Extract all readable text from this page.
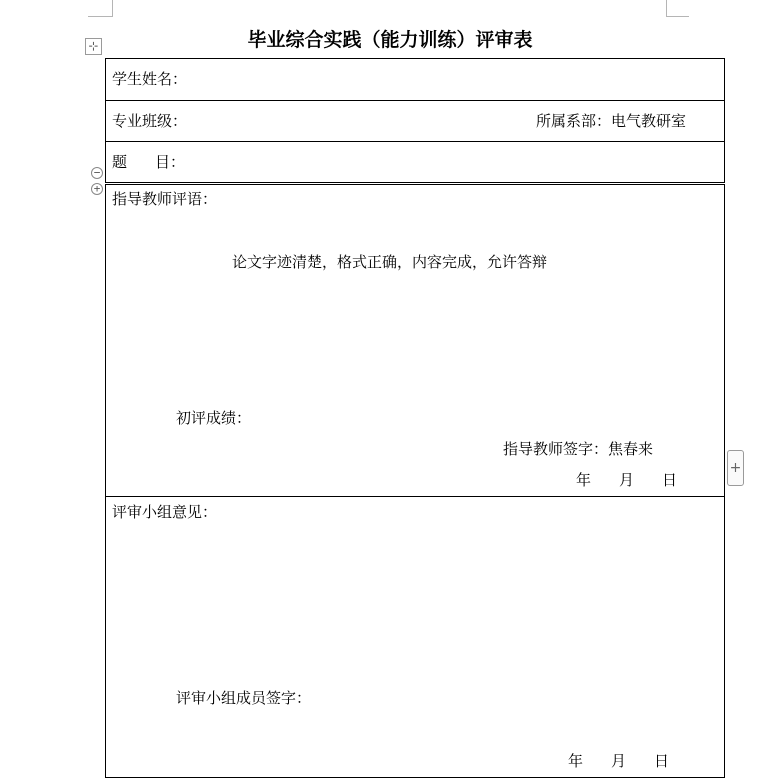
⊹
−
+
+
毕业综合实践（能力训练）评审表
学生姓名：
专业班级：	所属系部：电气教研室
题 目：
指导教师评语：
论文字迹清楚，格式正确，内容完成，允许答辩
初评成绩：
指导教师签字：焦春来
年 月 日
评审小组意见：
评审小组成员签字：
年 月 日
